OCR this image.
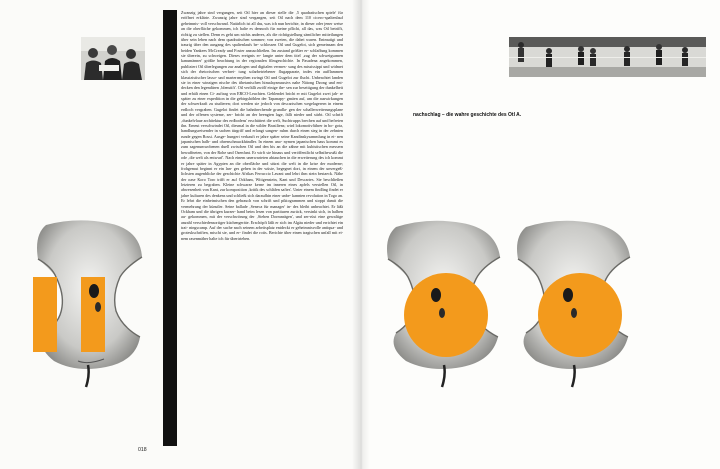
Zwanzig jahre sind vergangen, seit Otl hier an dieser stelle die ‚5 quadratischen spiele' für eröffnet erklärte. Zwanzig jahre sind vergangen, seit Otl nach dem 110 cicero-spaltenlauf geheimnis- voll verschwand. Natürlich ist all das, was ich nun berichte, in dieser oder jener weise an die oberfläche gekommen, ich halte es dennoch für meine pflicht, all das, was Otl betrifft, richtig zu stellen. Denn es geht um nichts anderes, als die richtigstellung sämtlicher mitteilungen über sein leben nach dem quadratischen sommer; von zweien, die dabei waren. Entmutigt und traurig über den ausgang des spaltenlaufs be- schlossen Otl und Gugelot, sich gemeinsam den beiden Yankees McCready und Foster anzuschließen. Im zustand größter er- schlaffung kommen sie überein, zu schweigen. Dieses ereignis er- langte unter dem titel ‚zug der schweigsamen kanumänner' größte beachtung in der regionalen filmgeschichte. In Pasadena angekommen, publiziert Otl überlegungen zur analogen und digitalen vermes- sung des mississippi und widmet sich der rhetorischen verbrei- tung solarbetriebener flugapparate, indes ein aufflammen klassizistischer lasso- und marterrmythen zwingt Otl und Gugelot zur flucht. Unbeachtet landen sie in einer winzigen nische des tibetanischen himalayamassivs nahe Nätong Dzong und ent- decken den legendären ‚blenstift'. Otl verfällt zwölf einige the- sen zur beseitigung der dunkelheit und erhält einen Ci- auftrag von ERCO-Leuchten. Geblendet bricht er mit Gugelot zwei jah- re später zu einer expedition in die gebirgshöhlen der Tapanapy- gmäen auf, um die auswirkungen der schwerkraft zu studieren; dort werden sie jedoch von descartschen wegelagerern in einem erdloch vergraben. Gugelot findet die bahnbrechende grundla- gen der schallerweiterungsplane und der offenen systeme, zer- bricht an der beengten lage, fällt nieder und stirbt. Otl schrift ‚dunkelvlaue architektur des erdbodens' erschüttert die welt, Suchtrupps brechen auf und befreien ihn. Erneut verschwindet Otl, diesmal in die wilder Brasiliens; wird lokomotivführer in bo- gota, handlungsreisender in sachen türgriff und erlangt sangen- ruhm durch einen sieg in der zehnten runde gegen Rossi. Ausge- hungert verkauft er jahre später seine Kandinskysammlung in ei- nen japanischen halb- und ohrenschmuckhändler. In einem ano- nymen japanischen haus kommt es zum sagenumwobenen duell zwischen Otl und den bis an die zähne mit kubistischen messern bewaffneten, von der Rohe und Ozenfant. Er wirft sie hinaus und veröffentlicht selbstbewußt die ode ‚die welt als entwurf'. Nach einem unerwarteten abtauchen in die erweiterung des ich kommt er jahre später in Agypten an die oberfläche und stürzt die welt in die krise der moderne; frohgemut beginnt er ein lan- ges gehen in der wüste, begegnet dort, in einem der unvergeß- lichsten augenblicke der geschichte Afrikas Ferruccio Lavani und lehrt ihm stein bestaeck. Nähe der oase Koro Toro trifft er auf Ockham, Wittgenstein, Kant und Descartes. Sie beschließen letzteren zu begraben. Kleine schwarze kerne im inneren eines apfels verstellen Otl, in abwesenheit von Kant, zur komposition ‚kritik des schläfen saftes'. Unter einem findling findet er jahre kulturen des denkens und schließt sich daraufhin einer unbe- kannten revolution in Togo an. Er lehrt die einheimischen den gebrauch von schrift und piktogrammen und stoppt damit die vermehrung der künstler. Seine ballade ‚Seneca für manager' in- des bleibt unbeachtet. Er läßt Ockham und die übrigen kurzer- hand beim lesen von partituren zurück, versinkt sich, in halben au- gekommen, mit der verschwörung der ‚Sieben Dormnrägen', und zer-rüst eine gewaltige anzahl verschiedensortiger küchengeräte. Erschöpft läßt er sich im Algäu nieder und errichtet ein trai- ningscamp. Auf der suche nach seinem arbeitsplatz entdeckt er geheimnisvolle antiqua- und groteskschriften, mischt sie, und er- findet die rotis. Berichte über einen tragischen unfall mit ei-nem rasenmäher halte ich für übertrieben.
018
nachschlag – die wahre geschichte des Otl A.
